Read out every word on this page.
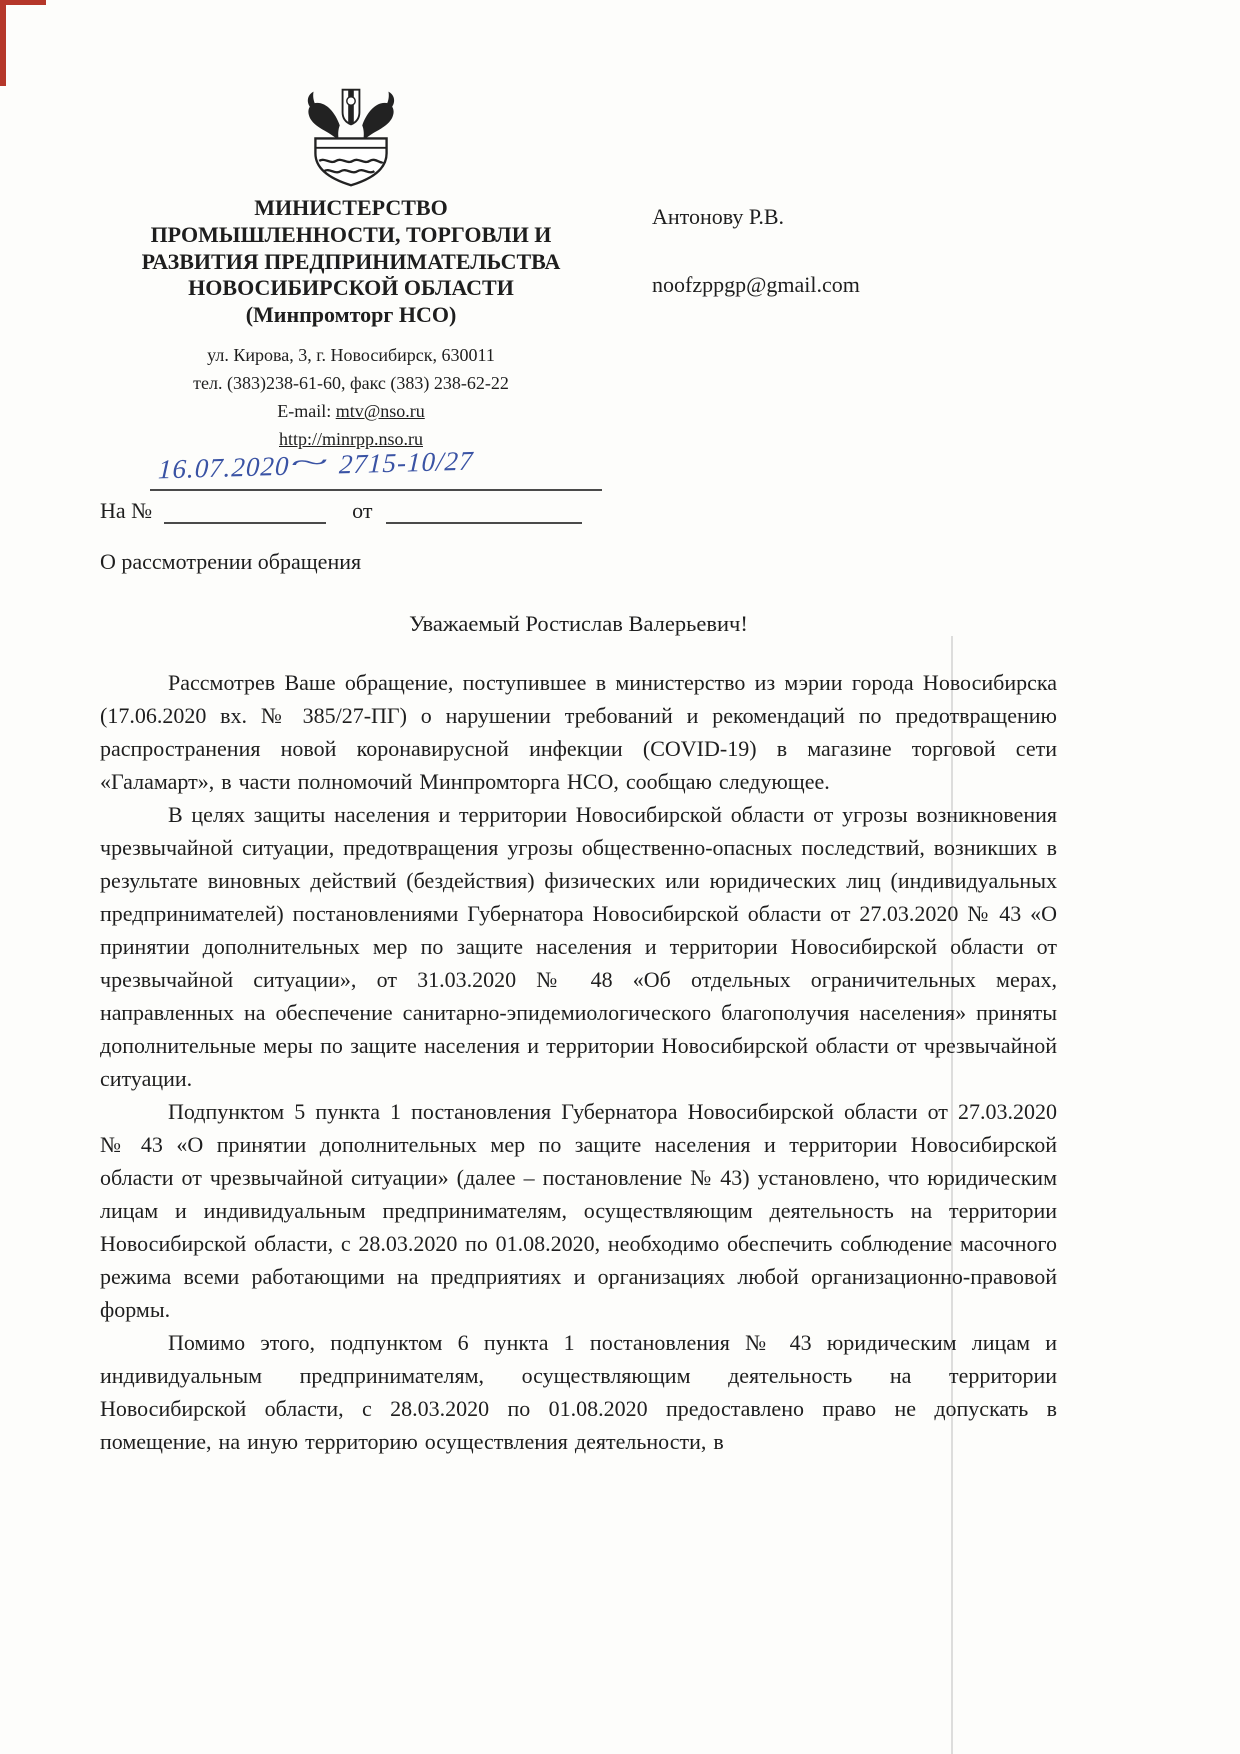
МИНИСТЕРСТВО
ПРОМЫШЛЕННОСТИ, ТОРГОВЛИ И
РАЗВИТИЯ ПРЕДПРИНИМАТЕЛЬСТВА
НОВОСИБИРСКОЙ ОБЛАСТИ
(Минпромторг НСО)
ул. Кирова, 3, г. Новосибирск, 630011
тел. (383)238-61-60, факс (383) 238-62-22
E-mail: mtv@nso.ru
http://minrpp.nso.ru
Антонову Р.В.
noofzppgp@gmail.com
16.07.2020~ 2715-10/27
На №	от
О рассмотрении обращения
Уважаемый Ростислав Валерьевич!

Рассмотрев Ваше обращение, поступившее в министерство из мэрии города Новосибирска (17.06.2020 вх. № 385/27-ПГ) о нарушении требований и рекомендаций по предотвращению распространения новой коронавирусной инфекции (COVID-19) в магазине торговой сети «Галамарт», в части полномочий Минпромторга НСО, сообщаю следующее.

В целях защиты населения и территории Новосибирской области от угрозы возникновения чрезвычайной ситуации, предотвращения угрозы общественно-опасных последствий, возникших в результате виновных действий (бездействия) физических или юридических лиц (индивидуальных предпринимателей) постановлениями Губернатора Новосибирской области от 27.03.2020 № 43 «О принятии дополнительных мер по защите населения и территории Новосибирской области от чрезвычайной ситуации», от 31.03.2020 № 48 «Об отдельных ограничительных мерах, направленных на обеспечение санитарно-эпидемиологического благополучия населения» приняты дополнительные меры по защите населения и территории Новосибирской области от чрезвычайной ситуации.

Подпунктом 5 пункта 1 постановления Губернатора Новосибирской области от 27.03.2020 № 43 «О принятии дополнительных мер по защите населения и территории Новосибирской области от чрезвычайной ситуации» (далее – постановление № 43) установлено, что юридическим лицам и индивидуальным предпринимателям, осуществляющим деятельность на территории Новосибирской области, с 28.03.2020 по 01.08.2020, необходимо обеспечить соблюдение масочного режима всеми работающими на предприятиях и организациях любой организационно-правовой формы.

Помимо этого, подпунктом 6 пункта 1 постановления № 43 юридическим лицам и индивидуальным предпринимателям, осуществляющим деятельность на территории Новосибирской области, с 28.03.2020 по 01.08.2020 предоставлено право не допускать в помещение, на иную территорию осуществления деятельности, в
